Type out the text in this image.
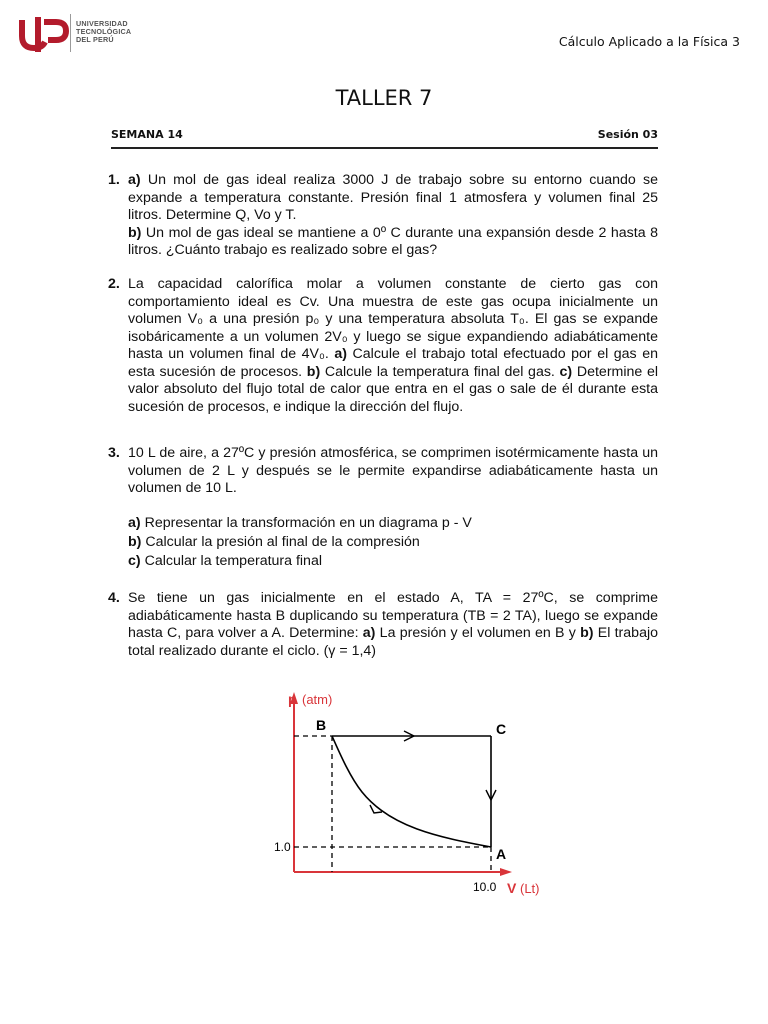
UNIVERSIDAD
TECNOLÓGICA
DEL PERÚ	Cálculo Aplicado a la Física 3
TALLER 7
SEMANA 14	Sesión 03
1. a) Un mol de gas ideal realiza 3000 J de trabajo sobre su entorno cuando se expande a temperatura constante. Presión final 1 atmosfera y volumen final 25 litros. Determine Q, Vo y T.

b) Un mol de gas ideal se mantiene a 0º C durante una expansión desde 2 hasta 8 litros. ¿Cuánto trabajo es realizado sobre el gas?

2. La capacidad calorífica molar a volumen constante de cierto gas con comportamiento ideal es Cv. Una muestra de este gas ocupa inicialmente un volumen V₀ a una presión p₀ y una temperatura absoluta T₀. El gas se expande isobáricamente a un volumen 2V₀ y luego se sigue expandiendo adiabáticamente hasta un volumen final de 4V₀. a) Calcule el trabajo total efectuado por el gas en esta sucesión de procesos. b) Calcule la temperatura final del gas. c) Determine el valor absoluto del flujo total de calor que entra en el gas o sale de él durante esta sucesión de procesos, e indique la dirección del flujo.

3. 10 L de aire, a 27ºC y presión atmosférica, se comprimen isotérmicamente hasta un volumen de 2 L y después se le permite expandirse adiabáticamente hasta un volumen de 10 L.

a) Representar la transformación en un diagrama p - V

b) Calcular la presión al final de la compresión

c) Calcular la temperatura final

4. Se tiene un gas inicialmente en el estado A, TA = 27ºC, se comprime adiabáticamente hasta B duplicando su temperatura (TB = 2 TA), luego se expande hasta C, para volver a A. Determine: a) La presión y el volumen en B y b) El trabajo total realizado durante el ciclo. (γ = 1,4)

p (atm)
V (Lt)
B	C
A
1.0
10.0
